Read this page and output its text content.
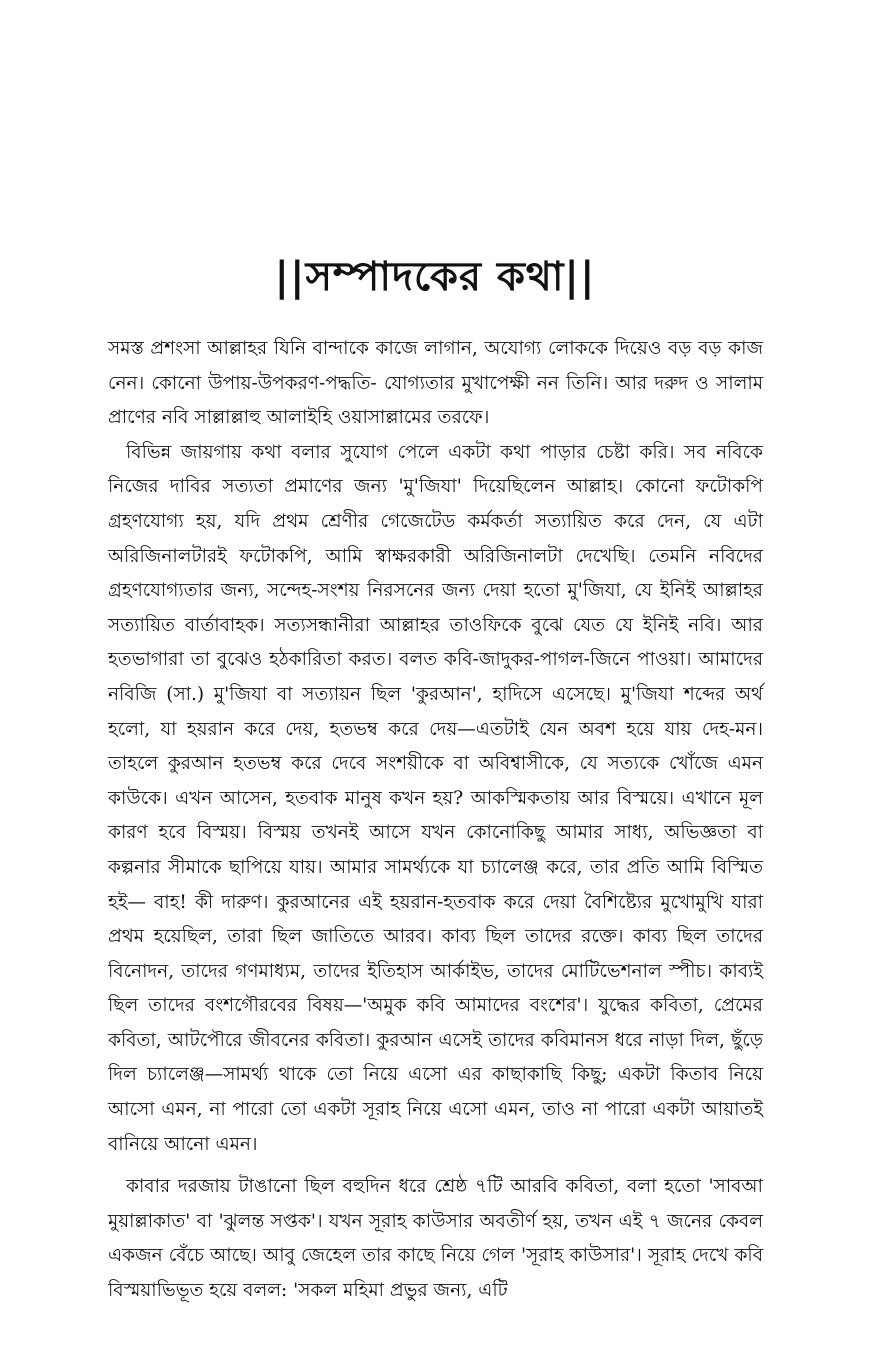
||সম্পাদকের কথা||

সমস্ত প্রশংসা আল্লাহর যিনি বান্দাকে কাজে লাগান, অযোগ্য লোককে দিয়েও বড় বড় কাজ নেন। কোনো উপায়-উপকরণ-পদ্ধতি- যোগ্যতার মুখাপেক্ষী নন তিনি। আর দরুদ ও সালাম প্রাণের নবি সাল্লাল্লাহু আলাইহি ওয়াসাল্লামের তরফে।

বিভিন্ন জায়গায় কথা বলার সুযোগ পেলে একটা কথা পাড়ার চেষ্টা করি। সব নবিকে নিজের দাবির সত্যতা প্রমাণের জন্য 'মু'জিযা' দিয়েছিলেন আল্লাহ। কোনো ফটোকপি গ্রহণযোগ্য হয়, যদি প্রথম শ্রেণীর গেজেটেড কর্মকর্তা সত্যায়িত করে দেন, যে এটা অরিজিনালটারই ফটোকপি, আমি স্বাক্ষরকারী অরিজিনালটা দেখেছি। তেমনি নবিদের গ্রহণযোগ্যতার জন্য, সন্দেহ-সংশয় নিরসনের জন্য দেয়া হতো মু'জিযা, যে ইনিই আল্লাহর সত্যায়িত বার্তাবাহক। সত্যসন্ধানীরা আল্লাহর তাওফিকে বুঝে যেত যে ইনিই নবি। আর হতভাগারা তা বুঝেও হঠকারিতা করত। বলত কবি-জাদুকর-পাগল-জিনে পাওয়া। আমাদের নবিজি (সা.) মু'জিযা বা সত্যায়ন ছিল 'কুরআন', হাদিসে এসেছে। মু'জিযা শব্দের অর্থ হলো, যা হয়রান করে দেয়, হতভম্ব করে দেয়—এতটাই যেন অবশ হয়ে যায় দেহ-মন। তাহলে কুরআন হতভম্ব করে দেবে সংশয়ীকে বা অবিশ্বাসীকে, যে সত্যকে খোঁজে এমন কাউকে। এখন আসেন, হতবাক মানুষ কখন হয়? আকস্মিকতায় আর বিস্ময়ে। এখানে মূল কারণ হবে বিস্ময়। বিস্ময় তখনই আসে যখন কোনোকিছু আমার সাধ্য, অভিজ্ঞতা বা কল্পনার সীমাকে ছাপিয়ে যায়। আমার সামর্থ্যকে যা চ্যালেঞ্জ করে, তার প্রতি আমি বিস্মিত হই— বাহ! কী দারুণ। কুরআনের এই হয়রান-হতবাক করে দেয়া বৈশিষ্ট্যের মুখোমুখি যারা প্রথম হয়েছিল, তারা ছিল জাতিতে আরব। কাব্য ছিল তাদের রক্তে। কাব্য ছিল তাদের বিনোদন, তাদের গণমাধ্যম, তাদের ইতিহাস আর্কাইভ, তাদের মোটিভেশনাল স্পীচ। কাব্যই ছিল তাদের বংশগৌরবের বিষয়—'অমুক কবি আমাদের বংশের'। যুদ্ধের কবিতা, প্রেমের কবিতা, আটপৌরে জীবনের কবিতা। কুরআন এসেই তাদের কবিমানস ধরে নাড়া দিল, ছুঁড়ে দিল চ্যালেঞ্জ—সামর্থ্য থাকে তো নিয়ে এসো এর কাছাকাছি কিছু; একটা কিতাব নিয়ে আসো এমন, না পারো তো একটা সূরাহ নিয়ে এসো এমন, তাও না পারো একটা আয়াতই বানিয়ে আনো এমন।

কাবার দরজায় টাঙানো ছিল বহুদিন ধরে শ্রেষ্ঠ ৭টি আরবি কবিতা, বলা হতো 'সাবআ মুয়াল্লাকাত' বা 'ঝুলন্ত সপ্তক'। যখন সূরাহ কাউসার অবতীর্ণ হয়, তখন এই ৭ জনের কেবল একজন বেঁচে আছে। আবু জেহেল তার কাছে নিয়ে গেল 'সূরাহ কাউসার'। সূরাহ দেখে কবি বিস্ময়াভিভূত হয়ে বলল: 'সকল মহিমা প্রভুর জন্য, এটি
